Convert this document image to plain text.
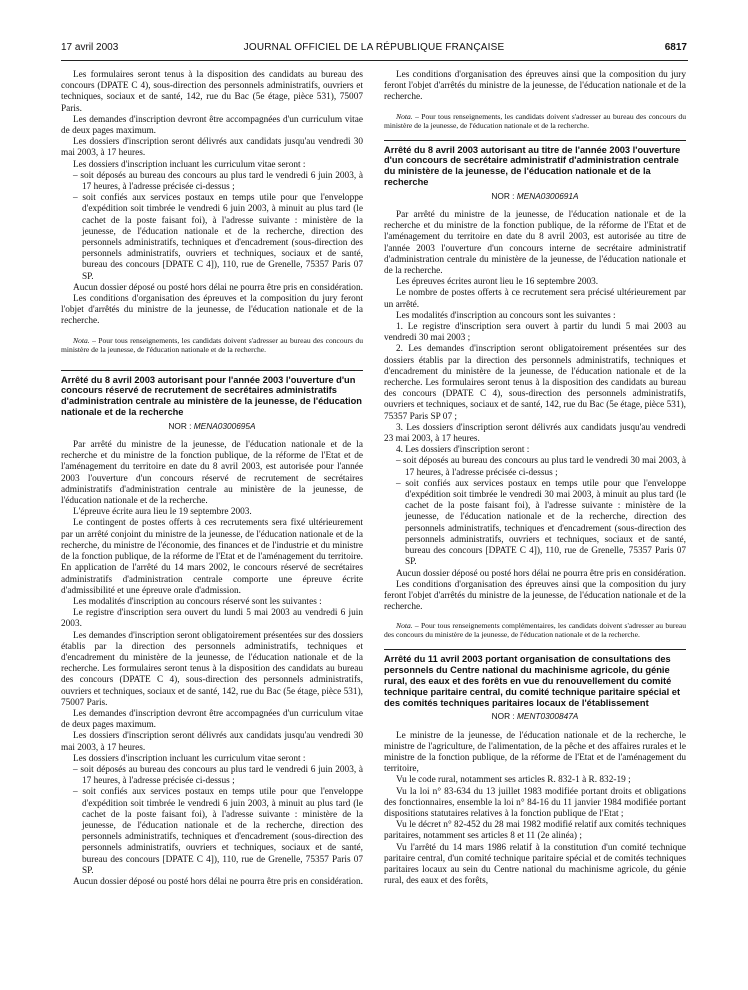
17 avril 2003	JOURNAL OFFICIEL DE LA RÉPUBLIQUE FRANÇAISE	6817

Les formulaires seront tenus à la disposition des candidats au bureau des concours (DPATE C 4), sous-direction des personnels administratifs, ouvriers et techniques, sociaux et de santé, 142, rue du Bac (5e étage, pièce 531), 75007 Paris.

Les demandes d'inscription devront être accompagnées d'un curriculum vitae de deux pages maximum.

Les dossiers d'inscription seront délivrés aux candidats jusqu'au vendredi 30 mai 2003, à 17 heures.

Les dossiers d'inscription incluant les curriculum vitae seront :

– soit déposés au bureau des concours au plus tard le vendredi 6 juin 2003, à 17 heures, à l'adresse précisée ci-dessus ;
– soit confiés aux services postaux en temps utile pour que l'enveloppe d'expédition soit timbrée le vendredi 6 juin 2003, à minuit au plus tard (le cachet de la poste faisant foi), à l'adresse suivante : ministère de la jeunesse, de l'éducation nationale et de la recherche, direction des personnels administratifs, techniques et d'encadrement (sous-direction des personnels administratifs, ouvriers et techniques, sociaux et de santé, bureau des concours [DPATE C 4]), 110, rue de Grenelle, 75357 Paris 07 SP.

Aucun dossier déposé ou posté hors délai ne pourra être pris en considération.

Les conditions d'organisation des épreuves et la composition du jury feront l'objet d'arrêtés du ministre de la jeunesse, de l'éducation nationale et de la recherche.

Nota. – Pour tous renseignements, les candidats doivent s'adresser au bureau des concours du ministère de la jeunesse, de l'éducation nationale et de la recherche.

Arrêté du 8 avril 2003 autorisant pour l'année 2003 l'ouverture d'un concours réservé de recrutement de secrétaires administratifs d'administration centrale au ministère de la jeunesse, de l'éducation nationale et de la recherche

NOR : MENA0300695A

Par arrêté du ministre de la jeunesse, de l'éducation nationale et de la recherche et du ministre de la fonction publique, de la réforme de l'Etat et de l'aménagement du territoire en date du 8 avril 2003, est autorisée pour l'année 2003 l'ouverture d'un concours réservé de recrutement de secrétaires administratifs d'administration centrale au ministère de la jeunesse, de l'éducation nationale et de la recherche.

L'épreuve écrite aura lieu le 19 septembre 2003.

Le contingent de postes offerts à ces recrutements sera fixé ultérieurement par un arrêté conjoint du ministre de la jeunesse, de l'éducation nationale et de la recherche, du ministre de l'économie, des finances et de l'industrie et du ministre de la fonction publique, de la réforme de l'Etat et de l'aménagement du territoire. En application de l'arrêté du 14 mars 2002, le concours réservé de secrétaires administratifs d'administration centrale comporte une épreuve écrite d'admissibilité et une épreuve orale d'admission.

Les modalités d'inscription au concours réservé sont les suivantes :

Le registre d'inscription sera ouvert du lundi 5 mai 2003 au vendredi 6 juin 2003.

Les demandes d'inscription seront obligatoirement présentées sur des dossiers établis par la direction des personnels administratifs, techniques et d'encadrement du ministère de la jeunesse, de l'éducation nationale et de la recherche. Les formulaires seront tenus à la disposition des candidats au bureau des concours (DPATE C 4), sous-direction des personnels administratifs, ouvriers et techniques, sociaux et de santé, 142, rue du Bac (5e étage, pièce 531), 75007 Paris.

Les demandes d'inscription devront être accompagnées d'un curriculum vitae de deux pages maximum.

Les dossiers d'inscription seront délivrés aux candidats jusqu'au vendredi 30 mai 2003, à 17 heures.

Les dossiers d'inscription incluant les curriculum vitae seront :

– soit déposés au bureau des concours au plus tard le vendredi 6 juin 2003, à 17 heures, à l'adresse précisée ci-dessus ;
– soit confiés aux services postaux en temps utile pour que l'enveloppe d'expédition soit timbrée le vendredi 6 juin 2003, à minuit au plus tard (le cachet de la poste faisant foi), à l'adresse suivante : ministère de la jeunesse, de l'éducation nationale et de la recherche, direction des personnels administratifs, techniques et d'encadrement (sous-direction des personnels administratifs, ouvriers et techniques, sociaux et de santé, bureau des concours [DPATE C 4]), 110, rue de Grenelle, 75357 Paris 07 SP.

Aucun dossier déposé ou posté hors délai ne pourra être pris en considération.

Les conditions d'organisation des épreuves ainsi que la composition du jury feront l'objet d'arrêtés du ministre de la jeunesse, de l'éducation nationale et de la recherche.

Nota. – Pour tous renseignements, les candidats doivent s'adresser au bureau des concours du ministère de la jeunesse, de l'éducation nationale et de la recherche.

Arrêté du 8 avril 2003 autorisant au titre de l'année 2003 l'ouverture d'un concours de secrétaire administratif d'administration centrale du ministère de la jeunesse, de l'éducation nationale et de la recherche

NOR : MENA0300691A

Par arrêté du ministre de la jeunesse, de l'éducation nationale et de la recherche et du ministre de la fonction publique, de la réforme de l'Etat et de l'aménagement du territoire en date du 8 avril 2003, est autorisée au titre de l'année 2003 l'ouverture d'un concours interne de secrétaire administratif d'administration centrale du ministère de la jeunesse, de l'éducation nationale et de la recherche.

Les épreuves écrites auront lieu le 16 septembre 2003.

Le nombre de postes offerts à ce recrutement sera précisé ultérieurement par un arrêté.

Les modalités d'inscription au concours sont les suivantes :

1. Le registre d'inscription sera ouvert à partir du lundi 5 mai 2003 au vendredi 30 mai 2003 ;

2. Les demandes d'inscription seront obligatoirement présentées sur des dossiers établis par la direction des personnels administratifs, techniques et d'encadrement du ministère de la jeunesse, de l'éducation nationale et de la recherche. Les formulaires seront tenus à la disposition des candidats au bureau des concours (DPATE C 4), sous-direction des personnels administratifs, ouvriers et techniques, sociaux et de santé, 142, rue du Bac (5e étage, pièce 531), 75357 Paris SP 07 ;

3. Les dossiers d'inscription seront délivrés aux candidats jusqu'au vendredi 23 mai 2003, à 17 heures.

4. Les dossiers d'inscription seront :

– soit déposés au bureau des concours au plus tard le vendredi 30 mai 2003, à 17 heures, à l'adresse précisée ci-dessus ;
– soit confiés aux services postaux en temps utile pour que l'enveloppe d'expédition soit timbrée le vendredi 30 mai 2003, à minuit au plus tard (le cachet de la poste faisant foi), à l'adresse suivante : ministère de la jeunesse, de l'éducation nationale et de la recherche, direction des personnels administratifs, techniques et d'encadrement (sous-direction des personnels administratifs, ouvriers et techniques, sociaux et de santé, bureau des concours [DPATE C 4]), 110, rue de Grenelle, 75357 Paris 07 SP.

Aucun dossier déposé ou posté hors délai ne pourra être pris en considération.

Les conditions d'organisation des épreuves ainsi que la composition du jury feront l'objet d'arrêtés du ministre de la jeunesse, de l'éducation nationale et de la recherche.

Nota. – Pour tous renseignements complémentaires, les candidats doivent s'adresser au bureau des concours du ministère de la jeunesse, de l'éducation nationale et de la recherche.

Arrêté du 11 avril 2003 portant organisation de consultations des personnels du Centre national du machinisme agricole, du génie rural, des eaux et des forêts en vue du renouvellement du comité technique paritaire central, du comité technique paritaire spécial et des comités techniques paritaires locaux de l'établissement

NOR : MENT0300847A

Le ministre de la jeunesse, de l'éducation nationale et de la recherche, le ministre de l'agriculture, de l'alimentation, de la pêche et des affaires rurales et le ministre de la fonction publique, de la réforme de l'Etat et de l'aménagement du territoire,

Vu le code rural, notamment ses articles R. 832-1 à R. 832-19 ;

Vu la loi n° 83-634 du 13 juillet 1983 modifiée portant droits et obligations des fonctionnaires, ensemble la loi n° 84-16 du 11 janvier 1984 modifiée portant dispositions statutaires relatives à la fonction publique de l'Etat ;

Vu le décret n° 82-452 du 28 mai 1982 modifié relatif aux comités techniques paritaires, notamment ses articles 8 et 11 (2e alinéa) ;

Vu l'arrêté du 14 mars 1986 relatif à la constitution d'un comité technique paritaire central, d'un comité technique paritaire spécial et de comités techniques paritaires locaux au sein du Centre national du machinisme agricole, du génie rural, des eaux et des forêts,
